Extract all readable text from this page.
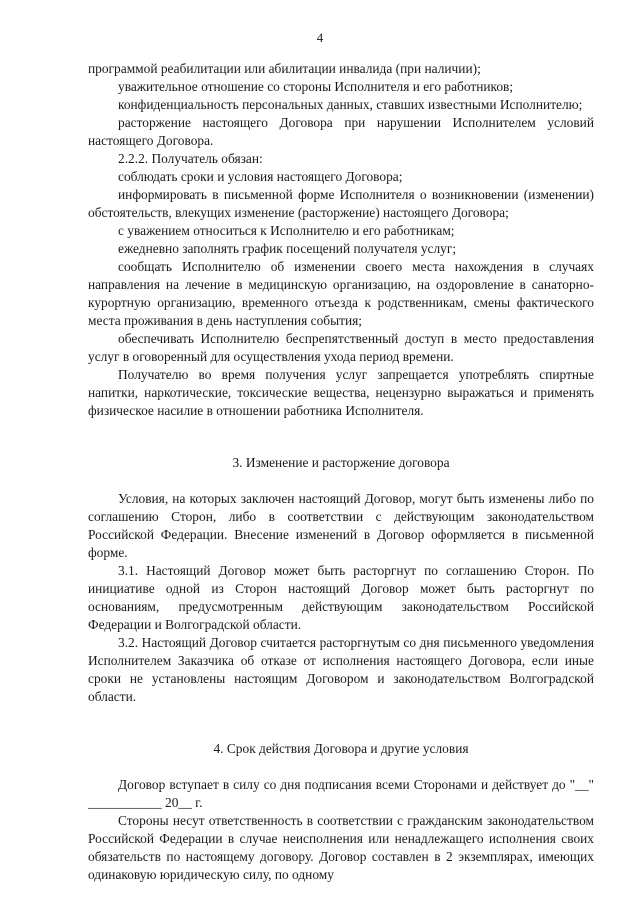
4

программой реабилитации или абилитации инвалида (при наличии);

уважительное отношение со стороны Исполнителя и его работников;

конфиденциальность персональных данных, ставших известными Исполнителю;

расторжение настоящего Договора при нарушении Исполнителем условий настоящего Договора.

2.2.2. Получатель обязан:

соблюдать сроки и условия настоящего Договора;

информировать в письменной форме Исполнителя о возникновении (изменении) обстоятельств, влекущих изменение (расторжение) настоящего Договора;

с уважением относиться к Исполнителю и его работникам;

ежедневно заполнять график посещений получателя услуг;

сообщать Исполнителю об изменении своего места нахождения в случаях направления на лечение в медицинскую организацию, на оздоровление в санаторно-курортную организацию, временного отъезда к родственникам, смены фактического места проживания в день наступления события;

обеспечивать Исполнителю беспрепятственный доступ в место предоставления услуг в оговоренный для осуществления ухода период времени.

Получателю во время получения услуг запрещается употреблять спиртные напитки, наркотические, токсические вещества, нецензурно выражаться и применять физическое насилие в отношении работника Исполнителя.

3. Изменение и расторжение договора

Условия, на которых заключен настоящий Договор, могут быть изменены либо по соглашению Сторон, либо в соответствии с действующим законодательством Российской Федерации. Внесение изменений в Договор оформляется в письменной форме.

3.1. Настоящий Договор может быть расторгнут по соглашению Сторон. По инициативе одной из Сторон настоящий Договор может быть расторгнут по основаниям, предусмотренным действующим законодательством Российской Федерации и Волгоградской области.

3.2. Настоящий Договор считается расторгнутым со дня письменного уведомления Исполнителем Заказчика об отказе от исполнения настоящего Договора, если иные сроки не установлены настоящим Договором и законодательством Волгоградской области.

4. Срок действия Договора и другие условия

Договор вступает в силу со дня подписания всеми Сторонами и действует до "__" ___________ 20__ г.

Стороны несут ответственность в соответствии с гражданским законодательством Российской Федерации в случае неисполнения или ненадлежащего исполнения своих обязательств по настоящему договору. Договор составлен в 2 экземплярах, имеющих одинаковую юридическую силу, по одному
